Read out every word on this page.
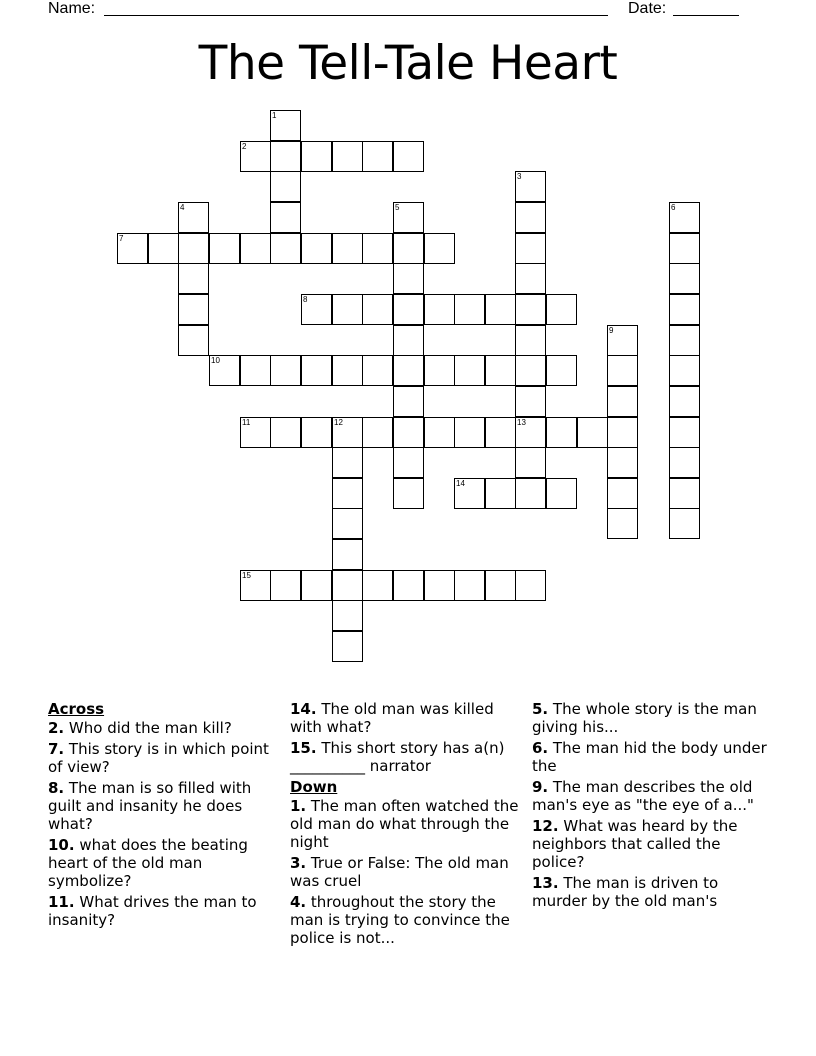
Name:	Date:
The Tell-Tale Heart
1
2
3
13
4	5	6
7
8
9
10
11	12
14
15
Across
2. Who did the man kill?
7. This story is in which point of view?
8. The man is so filled with guilt and insanity he does what?
10. what does the beating heart of the old man symbolize?
11. What drives the man to insanity?
14. The old man was killed with what?
15. This short story has a(n) __________ narrator
Down
1. The man often watched the old man do what through the night
3. True or False: The old man was cruel
4. throughout the story the man is trying to convince the police is not...
5. The whole story is the man giving his...
6. The man hid the body under the
9. The man describes the old man's eye as "the eye of a..."
12. What was heard by the neighbors that called the police?
13. The man is driven to murder by the old man's
